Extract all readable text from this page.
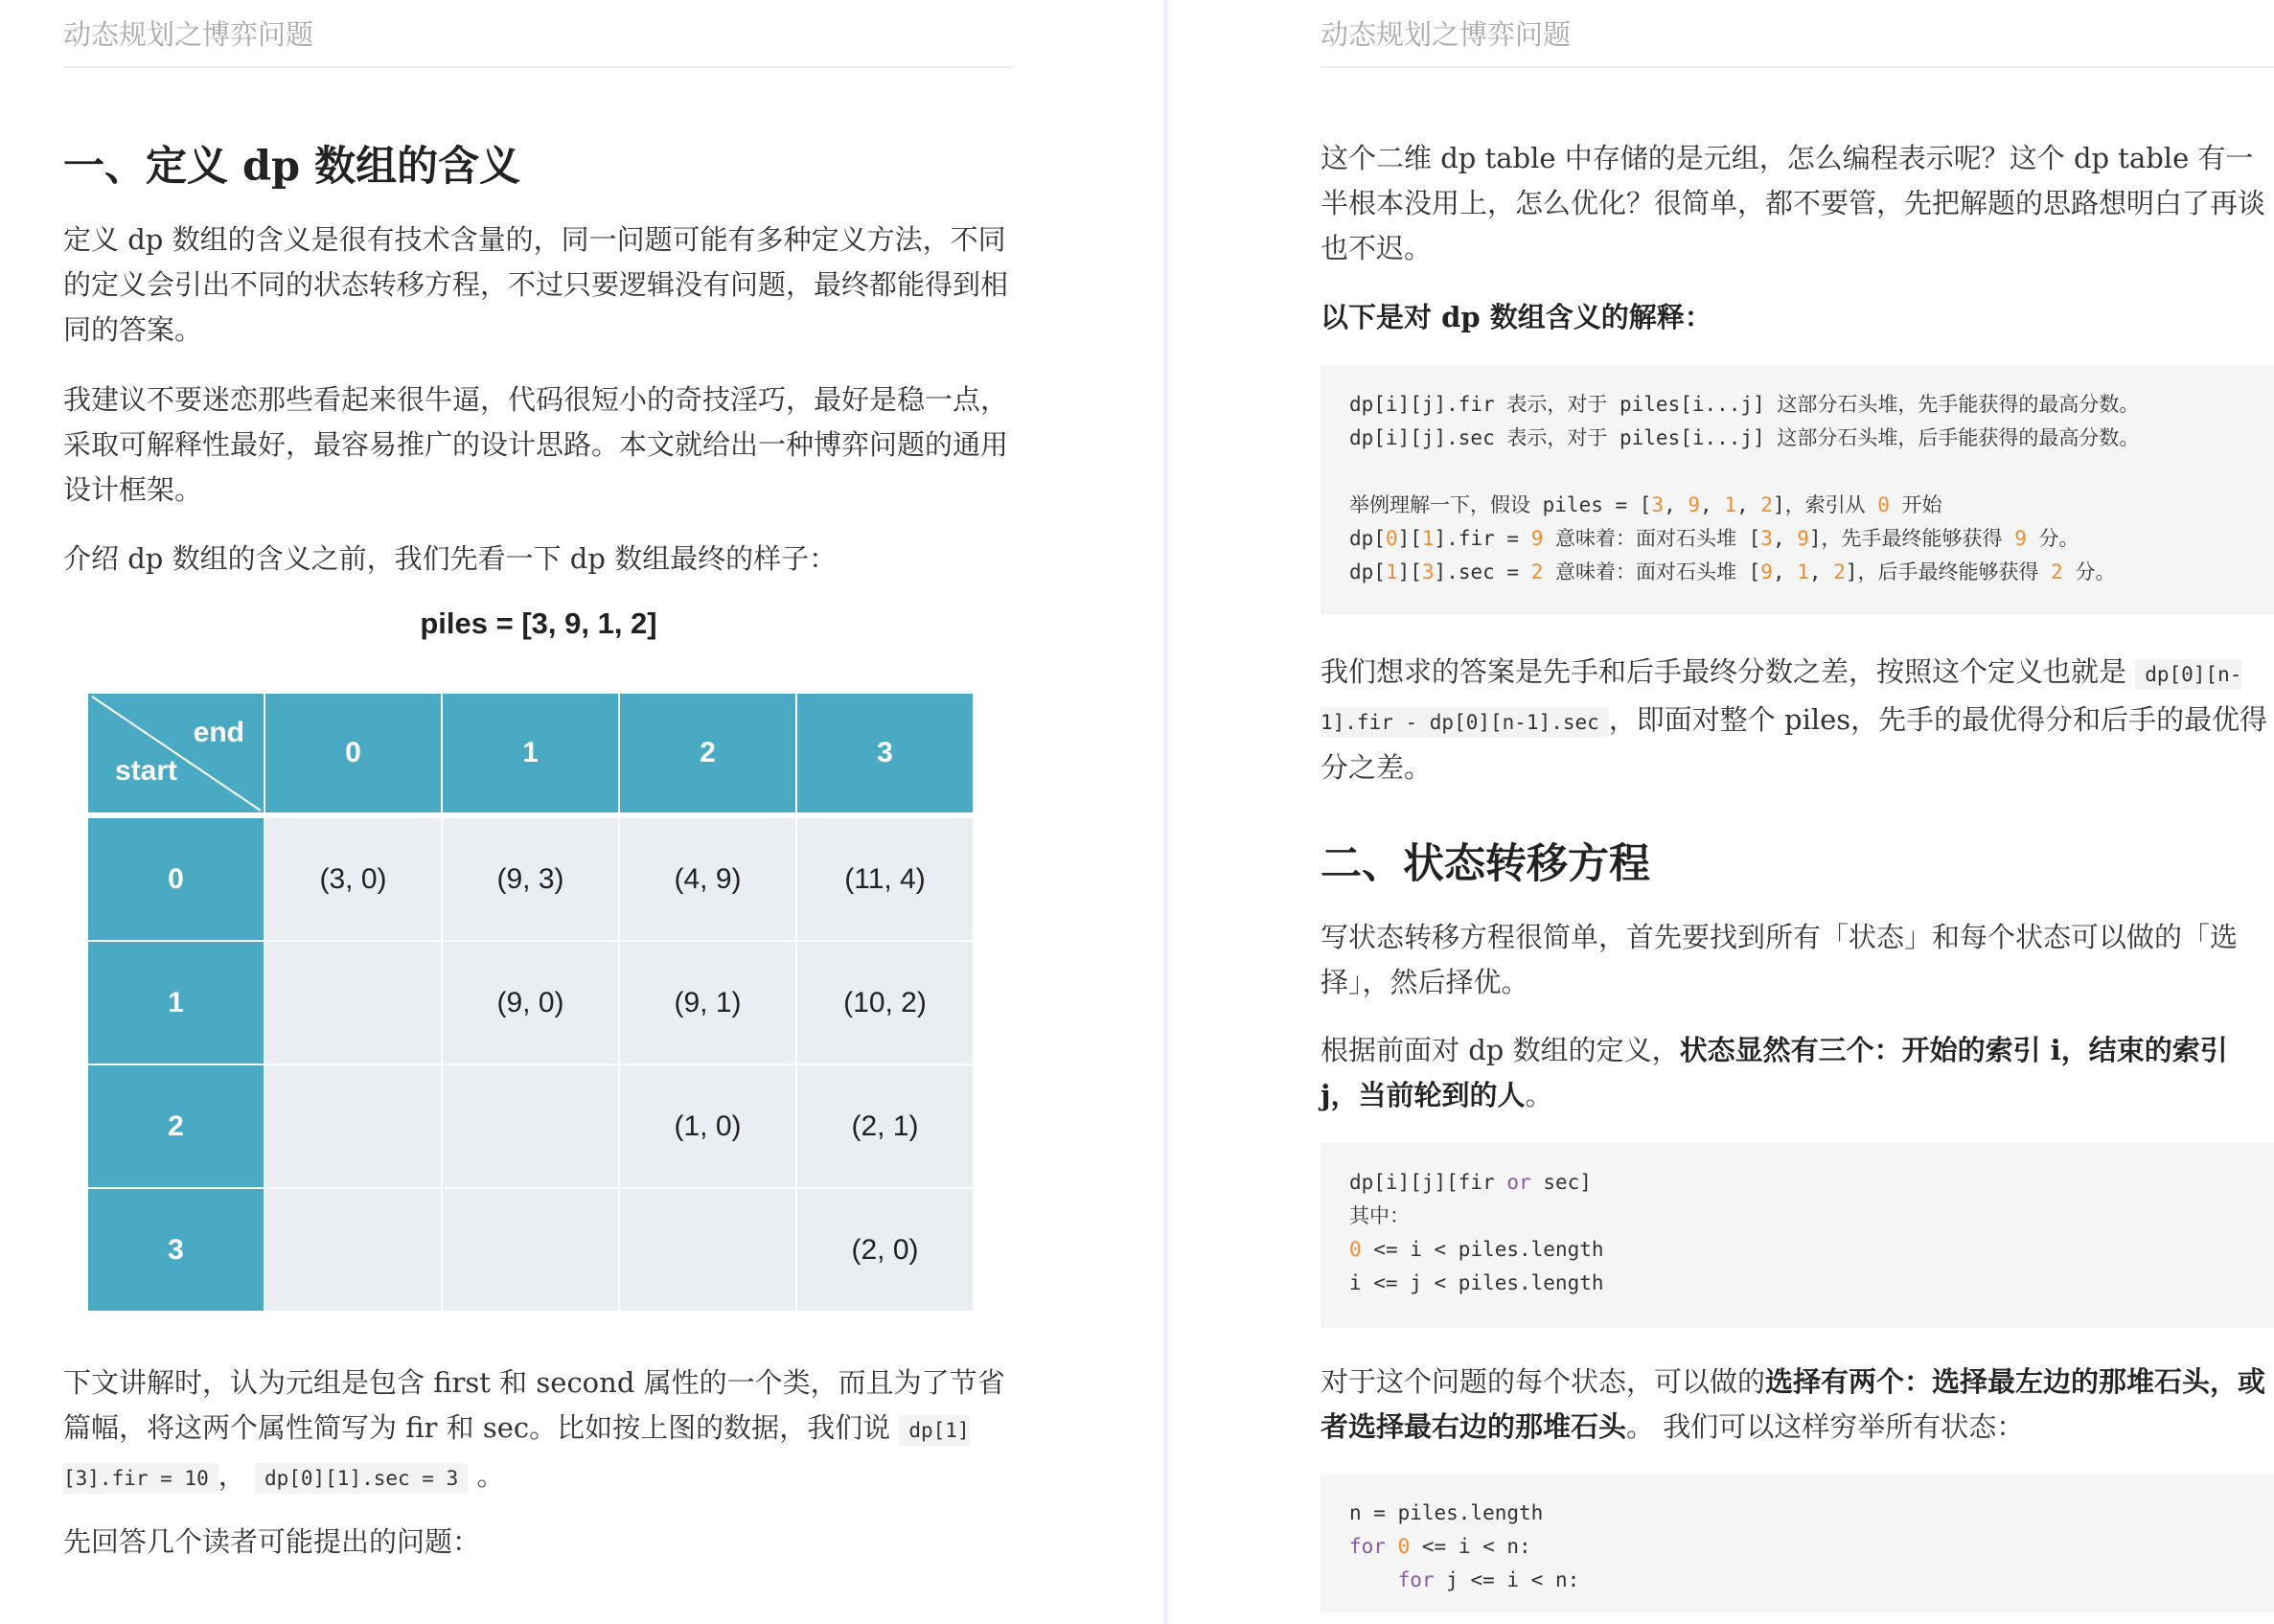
动态规划之博弈问题
一、定义 dp 数组的含义

定义 dp 数组的含义是很有技术含量的，同一问题可能有多种定义方法，不同的定义会引出不同的状态转移方程，不过只要逻辑没有问题，最终都能得到相同的答案。

我建议不要迷恋那些看起来很牛逼，代码很短小的奇技淫巧，最好是稳一点，采取可解释性最好，最容易推广的设计思路。本文就给出一种博弈问题的通用设计框架。

介绍 dp 数组的含义之前，我们先看一下 dp 数组最终的样子：

piles = [3, 9, 1, 2]
end
start	0	1	2	3
0	(3, 0)	(9, 3)	(4, 9)	(11, 4)
1		(9, 0)	(9, 1)	(10, 2)
2			(1, 0)	(2, 1)
3				(2, 0)

下文讲解时，认为元组是包含 first 和 second 属性的一个类，而且为了节省篇幅，将这两个属性简写为 fir 和 sec。比如按上图的数据，我们说 dp[1][3].fir = 10 ， dp[0][1].sec = 3 。

先回答几个读者可能提出的问题：

动态规划之博弈问题

这个二维 dp table 中存储的是元组，怎么编程表示呢？这个 dp table 有一半根本没用上，怎么优化？很简单，都不要管，先把解题的思路想明白了再谈也不迟。

以下是对 dp 数组含义的解释：

dp[i][j].fir 表示，对于 piles[i...j] 这部分石头堆，先手能获得的最高分数。
dp[i][j].sec 表示，对于 piles[i...j] 这部分石头堆，后手能获得的最高分数。

举例理解一下，假设 piles = [3, 9, 1, 2]，索引从 0 开始
dp[0][1].fir = 9 意味着：面对石头堆 [3, 9]，先手最终能够获得 9 分。
dp[1][3].sec = 2 意味着：面对石头堆 [9, 1, 2]，后手最终能够获得 2 分。

我们想求的答案是先手和后手最终分数之差，按照这个定义也就是 dp[0][n-1].fir - dp[0][n-1].sec ，即面对整个 piles，先手的最优得分和后手的最优得分之差。

二、状态转移方程

写状态转移方程很简单，首先要找到所有「状态」和每个状态可以做的「选择」，然后择优。

根据前面对 dp 数组的定义，状态显然有三个：开始的索引 i，结束的索引 j，当前轮到的人。

dp[i][j][fir or sec]
其中：
0 <= i < piles.length
i <= j < piles.length

对于这个问题的每个状态，可以做的选择有两个：选择最左边的那堆石头，或者选择最右边的那堆石头。 我们可以这样穷举所有状态：

n = piles.length
for 0 <= i < n:
for j <= i < n:
